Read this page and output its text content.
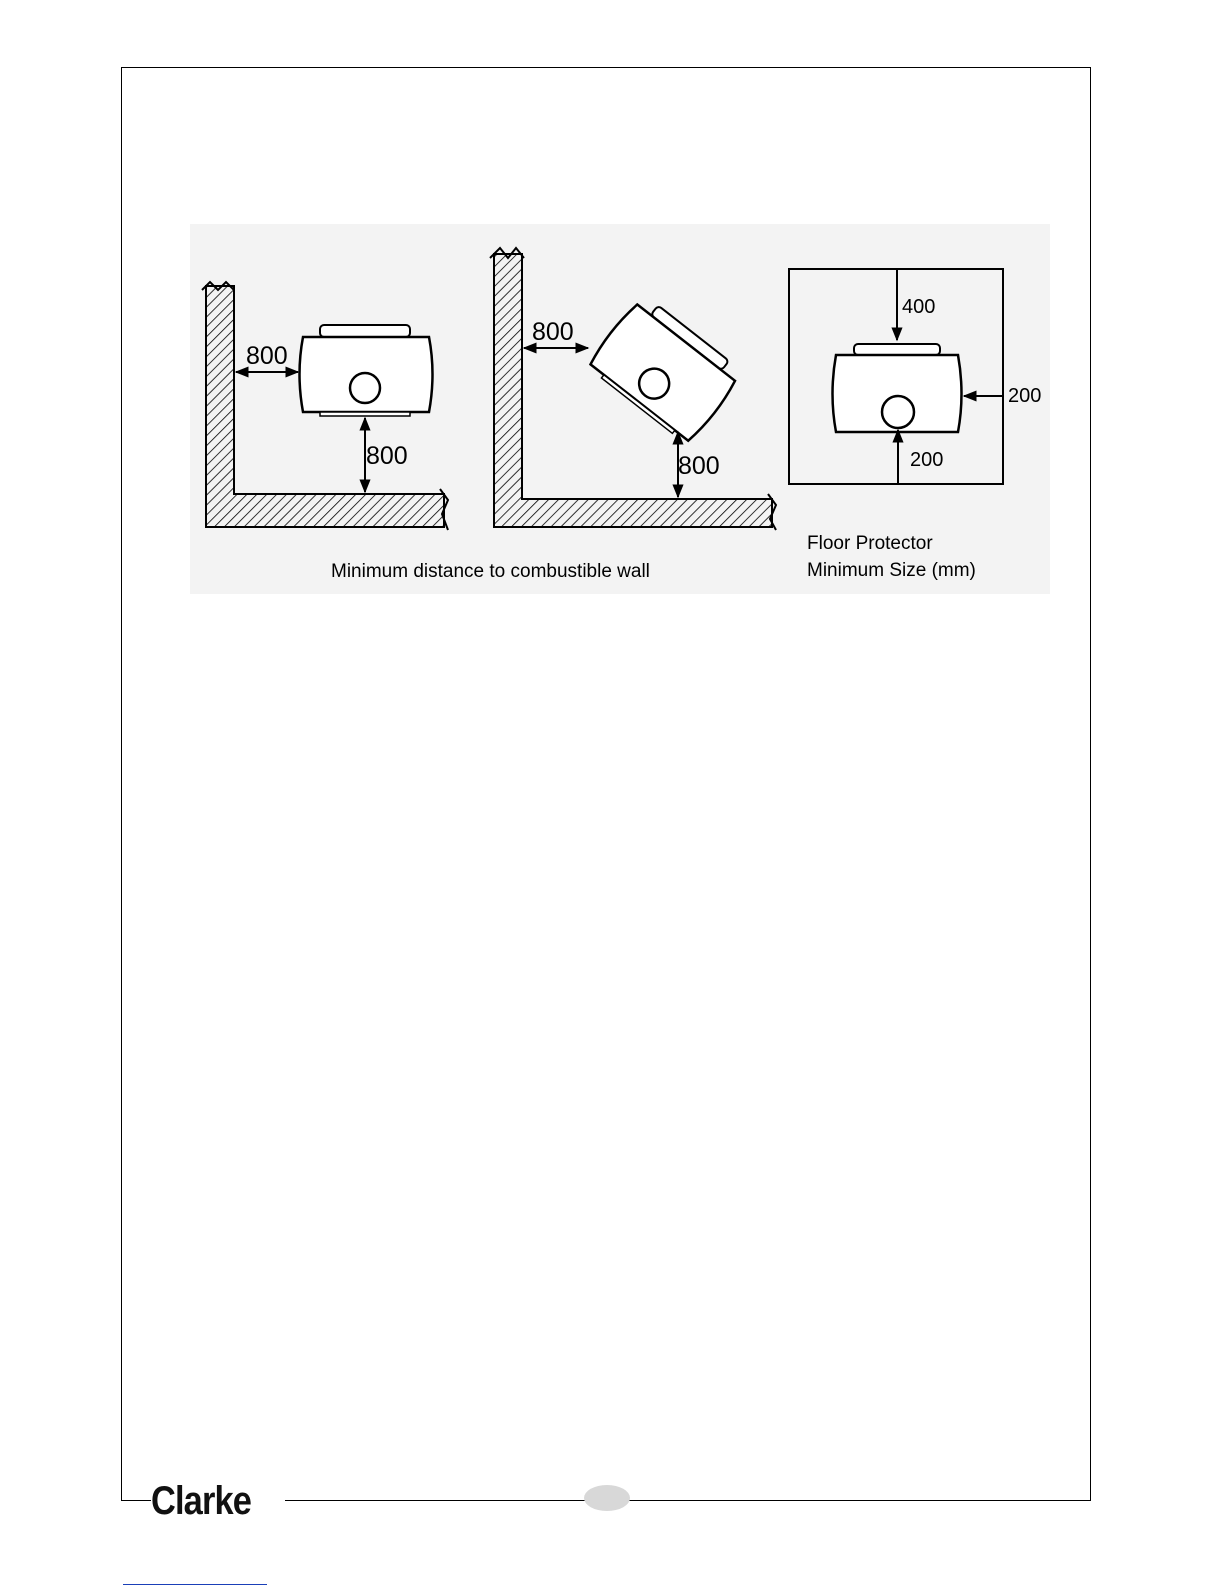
800
800
800
800
400
200
200
Minimum distance to combustible wall
Floor Protector
Minimum Size (mm)
Clarke
